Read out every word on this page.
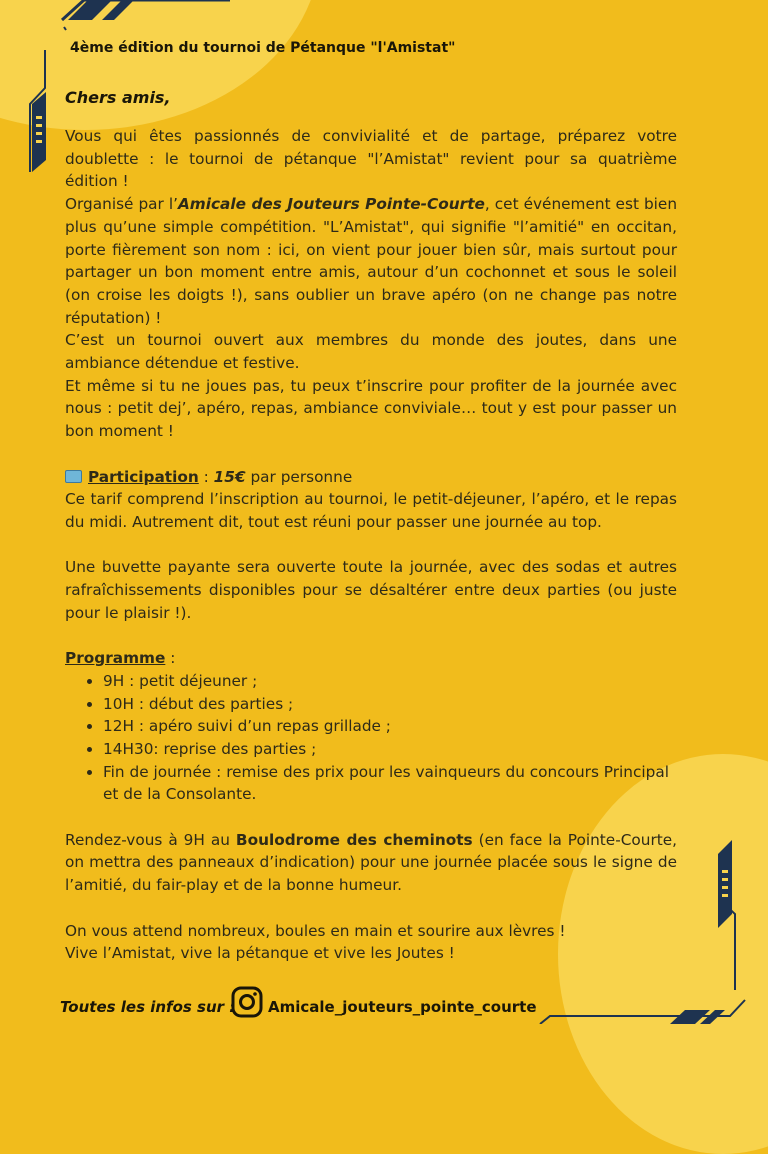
4ème édition du tournoi de Pétanque "l'Amistat"
Chers amis,

Vous qui êtes passionnés de convivialité et de partage, préparez votre doublette : le tournoi de pétanque "l’Amistat" revient pour sa quatrième édition !

Organisé par l’Amicale des Jouteurs Pointe-Courte, cet événement est bien plus qu’une simple compétition. "L’Amistat", qui signifie "l’amitié" en occitan, porte fièrement son nom : ici, on vient pour jouer bien sûr, mais surtout pour partager un bon moment entre amis, autour d’un cochonnet et sous le soleil (on croise les doigts !), sans oublier un brave apéro (on ne change pas notre réputation) !

C’est un tournoi ouvert aux membres du monde des joutes, dans une ambiance détendue et festive.

Et même si tu ne joues pas, tu peux t’inscrire pour profiter de la journée avec nous : petit dej’, apéro, repas, ambiance conviviale… tout y est pour passer un bon moment !

Participation : 15€ par personne

Ce tarif comprend l’inscription au tournoi, le petit-déjeuner, l’apéro, et le repas du midi. Autrement dit, tout est réuni pour passer une journée au top.

Une buvette payante sera ouverte toute la journée, avec des sodas et autres rafraîchissements disponibles pour se désaltérer entre deux parties (ou juste pour le plaisir !).

Programme :

• 9H : petit déjeuner ;
• 10H : début des parties ;
• 12H : apéro suivi d’un repas grillade ;
• 14H30: reprise des parties ;
• Fin de journée : remise des prix pour les vainqueurs du concours Principal et de la Consolante.

Rendez-vous à 9H au Boulodrome des cheminots (en face la Pointe-Courte, on mettra des panneaux d’indication) pour une journée placée sous le signe de l’amitié, du fair-play et de la bonne humeur.

On vous attend nombreux, boules en main et sourire aux lèvres !

Vive l’Amistat, vive la pétanque et vive les Joutes !

Toutes les infos sur : Amicale_jouteurs_pointe_courte
